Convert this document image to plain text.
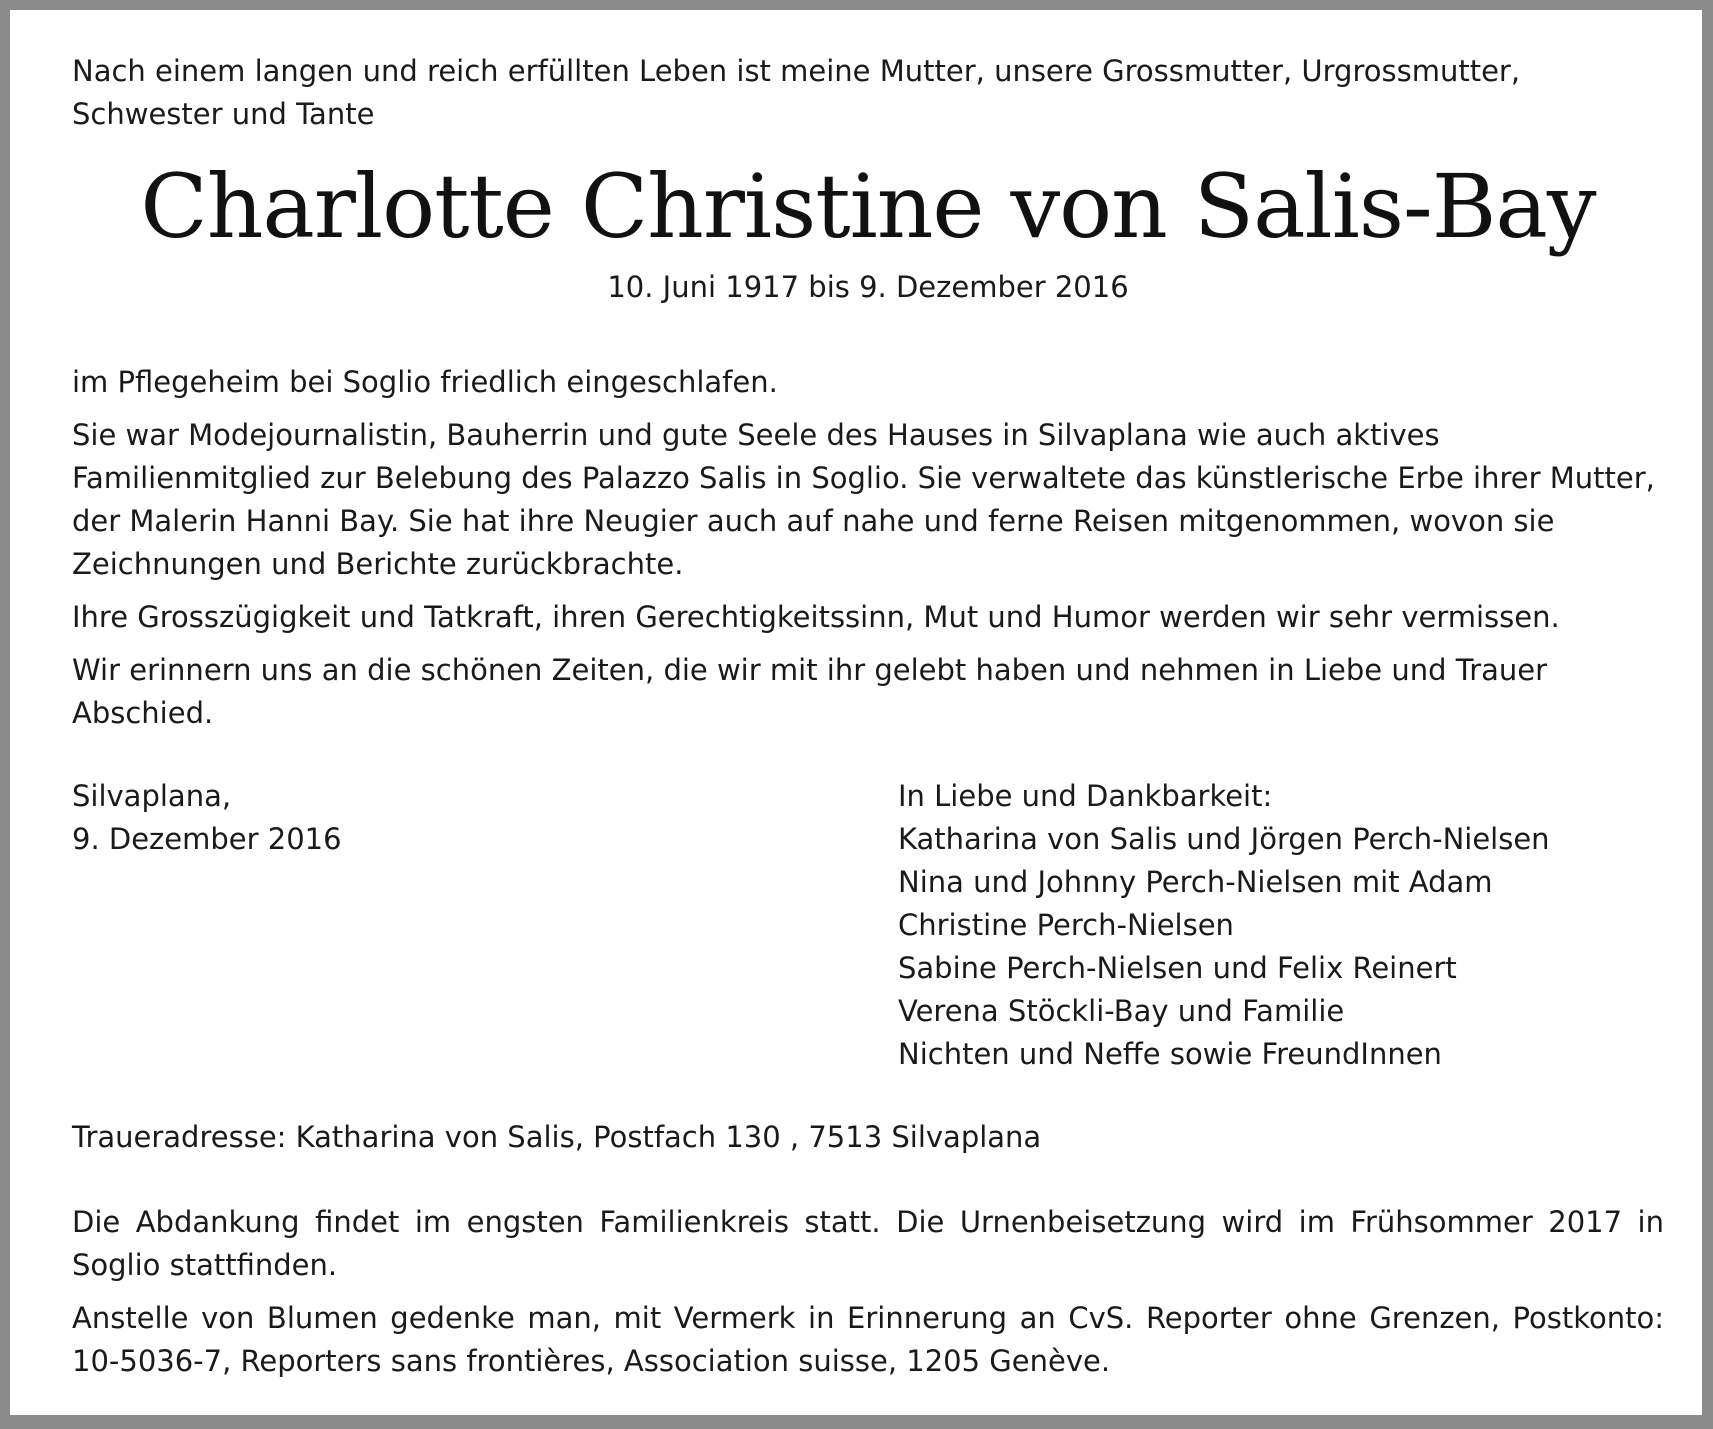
Nach einem langen und reich erfüllten Leben ist meine Mutter, unsere Grossmutter, Urgrossmutter, Schwester und Tante

Charlotte Christine von Salis-Bay

10. Juni 1917 bis 9. Dezember 2016

im Pflegeheim bei Soglio friedlich eingeschlafen.

Sie war Modejournalistin, Bauherrin und gute Seele des Hauses in Silvaplana wie auch aktives Familienmitglied zur Belebung des Palazzo Salis in Soglio. Sie verwaltete das künstlerische Erbe ihrer Mutter, der Malerin Hanni Bay. Sie hat ihre Neugier auch auf nahe und ferne Reisen mitgenommen, wovon sie Zeichnungen und Berichte zurückbrachte.

Ihre Grosszügigkeit und Tatkraft, ihren Gerechtigkeitssinn, Mut und Humor werden wir sehr vermissen.

Wir erinnern uns an die schönen Zeiten, die wir mit ihr gelebt haben und nehmen in Liebe und Trauer Abschied.

Silvaplana,

9. Dezember 2016

In Liebe und Dankbarkeit:

Katharina von Salis und Jörgen Perch-Nielsen

Nina und Johnny Perch-Nielsen mit Adam

Christine Perch-Nielsen

Sabine Perch-Nielsen und Felix Reinert

Verena Stöckli-Bay und Familie

Nichten und Neffe sowie FreundInnen

Traueradresse: Katharina von Salis, Postfach 130 , 7513 Silvaplana

Die Abdankung findet im engsten Familienkreis statt. Die Urnenbeisetzung wird im Frühsommer 2017 in Soglio stattfinden.

Anstelle von Blumen gedenke man, mit Vermerk in Erinnerung an CvS. Reporter ohne Grenzen, Postkonto: 10-5036-7, Reporters sans frontières, Association suisse, 1205 Genève.
